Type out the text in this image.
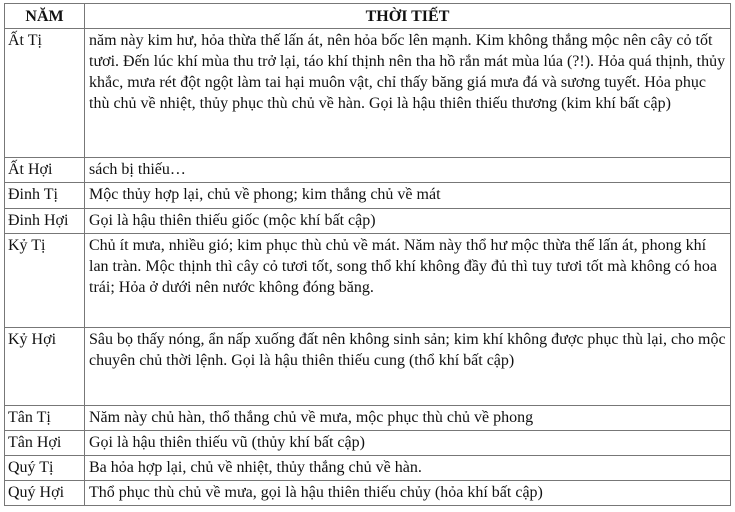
NĂM	THỜI TIẾT
Ất Tị	năm này kim hư, hỏa thừa thế lấn át, nên hỏa bốc lên mạnh. Kim không thắng mộc nên cây cỏ tốt tươi. Đến lúc khí mùa thu trở lại, táo khí thịnh nên tha hồ rắn mát mùa lúa (?!). Hỏa quá thịnh, thủy khắc, mưa rét đột ngột làm tai hại muôn vật, chỉ thấy băng giá mưa đá và sương tuyết. Hỏa phục thù chủ về nhiệt, thủy phục thù chủ về hàn. Gọi là hậu thiên thiếu thương (kim khí bất cập)
Ất Hợi	sách bị thiếu…
Đinh Tị	Mộc thủy hợp lại, chủ về phong; kim thắng chủ về mát
Đinh Hợi	Gọi là hậu thiên thiếu giốc (mộc khí bất cập)
Kỷ Tị	Chủ ít mưa, nhiều gió; kim phục thù chủ về mát. Năm này thổ hư mộc thừa thế lấn át, phong khí lan tràn. Mộc thịnh thì cây cỏ tươi tốt, song thổ khí không đầy đủ thì tuy tươi tốt mà không có hoa trái; Hỏa ở dưới nên nước không đóng băng.
Kỷ Hợi	Sâu bọ thấy nóng, ẩn nấp xuống đất nên không sinh sản; kim khí không được phục thù lại, cho mộc chuyên chủ thời lệnh. Gọi là hậu thiên thiếu cung (thổ khí bất cập)
Tân Tị	Năm này chủ hàn, thổ thắng chủ về mưa, mộc phục thù chủ về phong
Tân Hợi	Gọi là hậu thiên thiếu vũ (thủy khí bất cập)
Quý Tị	Ba hỏa hợp lại, chủ về nhiệt, thủy thắng chủ về hàn.
Quý Hợi	Thổ phục thù chủ về mưa, gọi là hậu thiên thiếu chủy (hỏa khí bất cập)
